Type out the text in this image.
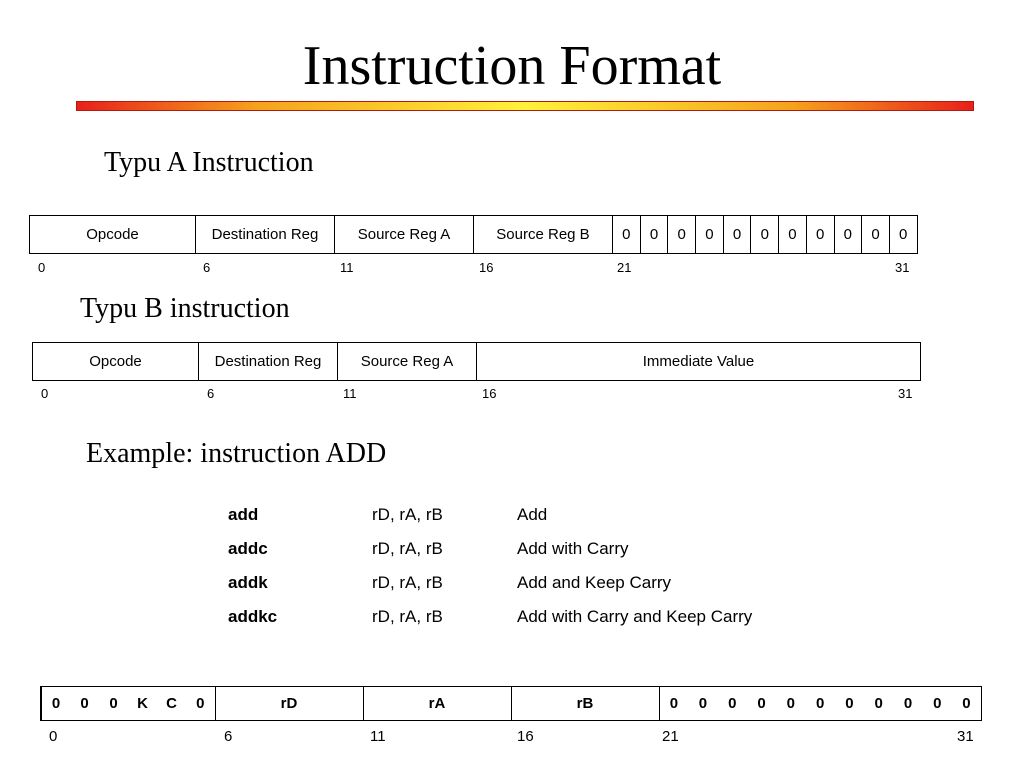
Instruction Format
Typu A Instruction
Opcode	Destination Reg	Source Reg A	Source Reg B	0	0	0	0	0	0	0	0	0	0	0
0	6	11	16	21	31
Typu B instruction
Opcode	Destination Reg	Source Reg A	Immediate Value
0	6	11	16	31
Example: instruction ADD
add	rD, rA, rB	Add
addc	rD, rA, rB	Add with Carry
addk	rD, rA, rB	Add and Keep Carry
addkc	rD, rA, rB	Add with Carry and Keep Carry
0	0	0	K	C	0	rD	rA	rB	0	0	0	0	0	0	0	0	0	0	0
0	6	11	16	21	31
